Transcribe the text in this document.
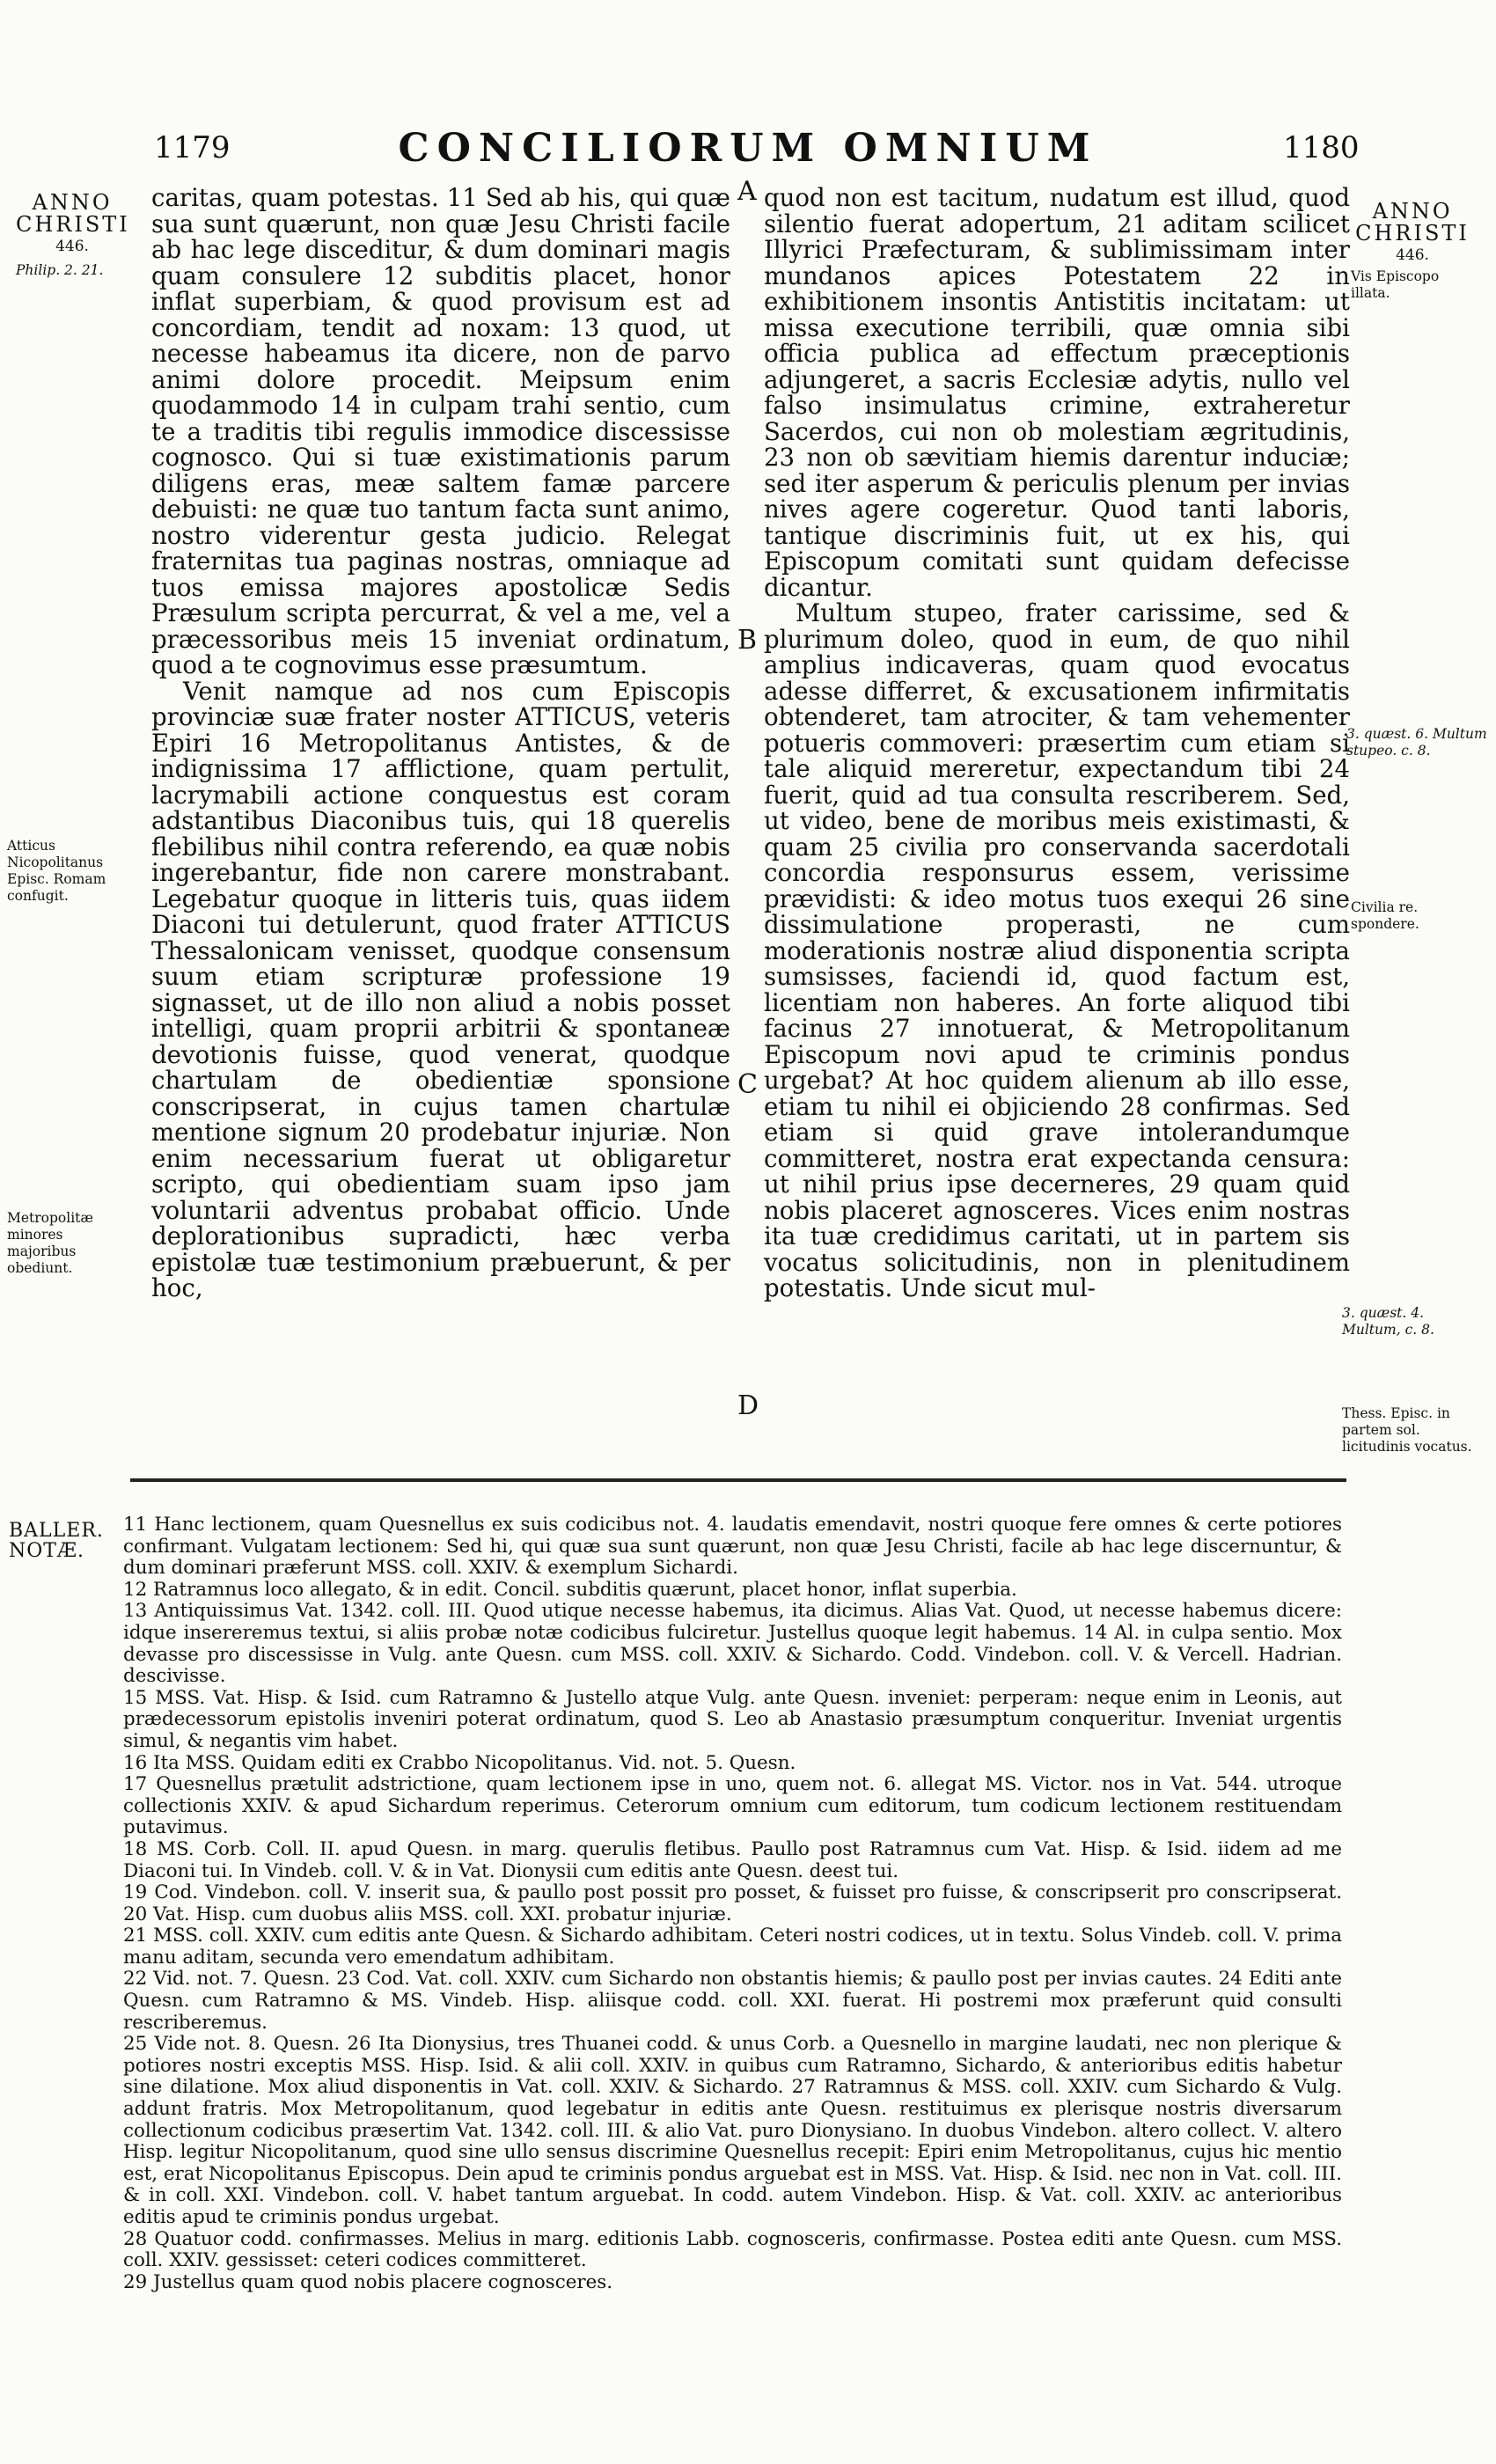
1179	CONCILIORUM OMNIUM	1180
ANNO
CHRISTI
446.
ANNO
CHRISTI
446.
Philip. 2. 21.
Atticus Nicopolitanus Episc. Romam confugit.
Metropolitæ minores majoribus obediunt.
Vis Episcopo illata.
3. quæst. 6. Multum stupeo. c. 8.
Civilia re. spondere.
3. quæst. 4. Multum, c. 8.
Thess. Episc. in partem sol. licitudinis vocatus.
A
B
C
D

caritas, quam potestas. 11 Sed ab his, qui quæ sua sunt quærunt, non quæ Jesu Christi facile ab hac lege disceditur, & dum dominari magis quam consulere 12 subditis placet, honor inflat superbiam, & quod provisum est ad concordiam, tendit ad noxam: 13 quod, ut necesse habeamus ita dicere, non de parvo animi dolore procedit. Meipsum enim quodammodo 14 in culpam trahi sentio, cum te a traditis tibi regulis immodice discessisse cognosco. Qui si tuæ existimationis parum diligens eras, meæ saltem famæ parcere debuisti: ne quæ tuo tantum facta sunt animo, nostro viderentur gesta judicio. Relegat fraternitas tua paginas nostras, omniaque ad tuos emissa majores apostolicæ Sedis Præsulum scripta percurrat, & vel a me, vel a præcessoribus meis 15 inveniat ordinatum, quod a te cognovimus esse præsumtum.

Venit namque ad nos cum Episcopis provinciæ suæ frater noster ATTICUS, veteris Epiri 16 Metropolitanus Antistes, & de indignissima 17 afflictione, quam pertulit, lacrymabili actione conquestus est coram adstantibus Diaconibus tuis, qui 18 querelis flebilibus nihil contra referendo, ea quæ nobis ingerebantur, fide non carere monstrabant. Legebatur quoque in litteris tuis, quas iidem Diaconi tui detulerunt, quod frater ATTICUS Thessalonicam venisset, quodque consensum suum etiam scripturæ professione 19 signasset, ut de illo non aliud a nobis posset intelligi, quam proprii arbitrii & spontaneæ devotionis fuisse, quod venerat, quodque chartulam de obedientiæ sponsione conscripserat, in cujus tamen chartulæ mentione signum 20 prodebatur injuriæ. Non enim necessarium fuerat ut obligaretur scripto, qui obedientiam suam ipso jam voluntarii adventus probabat officio. Unde deplorationibus supradicti, hæc verba epistolæ tuæ testimonium præbuerunt, & per hoc,

quod non est tacitum, nudatum est illud, quod silentio fuerat adopertum, 21 aditam scilicet Illyrici Præfecturam, & sublimissimam inter mundanos apices Potestatem 22 in exhibitionem insontis Antistitis incitatam: ut missa executione terribili, quæ omnia sibi officia publica ad effectum præceptionis adjungeret, a sacris Ecclesiæ adytis, nullo vel falso insimulatus crimine, extraheretur Sacerdos, cui non ob molestiam ægritudinis, 23 non ob sævitiam hiemis darentur induciæ; sed iter asperum & periculis plenum per invias nives agere cogeretur. Quod tanti laboris, tantique discriminis fuit, ut ex his, qui Episcopum comitati sunt quidam defecisse dicantur.

Multum stupeo, frater carissime, sed & plurimum doleo, quod in eum, de quo nihil amplius indicaveras, quam quod evocatus adesse differret, & excusationem infirmitatis obtenderet, tam atrociter, & tam vehementer potueris commoveri: præsertim cum etiam si tale aliquid mereretur, expectandum tibi 24 fuerit, quid ad tua consulta rescriberem. Sed, ut video, bene de moribus meis existimasti, & quam 25 civilia pro conservanda sacerdotali concordia responsurus essem, verissime prævidisti: & ideo motus tuos exequi 26 sine dissimulatione properasti, ne cum moderationis nostræ aliud disponentia scripta sumsisses, faciendi id, quod factum est, licentiam non haberes. An forte aliquod tibi facinus 27 innotuerat, & Metropolitanum Episcopum novi apud te criminis pondus urgebat? At hoc quidem alienum ab illo esse, etiam tu nihil ei objiciendo 28 confirmas. Sed etiam si quid grave intolerandumque committeret, nostra erat expectanda censura: ut nihil prius ipse decerneres, 29 quam quid nobis placeret agnosceres. Vices enim nostras ita tuæ credidimus caritati, ut in partem sis vocatus solicitudinis, non in plenitudinem potestatis. Unde sicut mul-

BALLER.
NOTÆ.

11 Hanc lectionem, quam Quesnellus ex suis codicibus not. 4. laudatis emendavit, nostri quoque fere omnes & certe potiores confirmant. Vulgatam lectionem: Sed hi, qui quæ sua sunt quærunt, non quæ Jesu Christi, facile ab hac lege discernuntur, & dum dominari præferunt MSS. coll. XXIV. & exemplum Sichardi.

12 Ratramnus loco allegato, & in edit. Concil. subditis quærunt, placet honor, inflat superbia.

13 Antiquissimus Vat. 1342. coll. III. Quod utique necesse habemus, ita dicimus. Alias Vat. Quod, ut necesse habemus dicere: idque insereremus textui, si aliis probæ notæ codicibus fulciretur. Justellus quoque legit habemus. 14 Al. in culpa sentio. Mox devasse pro discessisse in Vulg. ante Quesn. cum MSS. coll. XXIV. & Sichardo. Codd. Vindebon. coll. V. & Vercell. Hadrian. descivisse.

15 MSS. Vat. Hisp. & Isid. cum Ratramno & Justello atque Vulg. ante Quesn. inveniet: perperam: neque enim in Leonis, aut prædecessorum epistolis inveniri poterat ordinatum, quod S. Leo ab Anastasio præsumptum conqueritur. Inveniat urgentis simul, & negantis vim habet.

16 Ita MSS. Quidam editi ex Crabbo Nicopolitanus. Vid. not. 5. Quesn.

17 Quesnellus prætulit adstrictione, quam lectionem ipse in uno, quem not. 6. allegat MS. Victor. nos in Vat. 544. utroque collectionis XXIV. & apud Sichardum reperimus. Ceterorum omnium cum editorum, tum codicum lectionem restituendam putavimus.

18 MS. Corb. Coll. II. apud Quesn. in marg. querulis fletibus. Paullo post Ratramnus cum Vat. Hisp. & Isid. iidem ad me Diaconi tui. In Vindeb. coll. V. & in Vat. Dionysii cum editis ante Quesn. deest tui.

19 Cod. Vindebon. coll. V. inserit sua, & paullo post possit pro posset, & fuisset pro fuisse, & conscripserit pro conscripserat. 20 Vat. Hisp. cum duobus aliis MSS. coll. XXI. probatur injuriæ.

21 MSS. coll. XXIV. cum editis ante Quesn. & Sichardo adhibitam. Ceteri nostri codices, ut in textu. Solus Vindeb. coll. V. prima manu aditam, secunda vero emendatum adhibitam.

22 Vid. not. 7. Quesn. 23 Cod. Vat. coll. XXIV. cum Sichardo non obstantis hiemis; & paullo post per invias cautes. 24 Editi ante Quesn. cum Ratramno & MS. Vindeb. Hisp. aliisque codd. coll. XXI. fuerat. Hi postremi mox præferunt quid consulti rescriberemus.

25 Vide not. 8. Quesn. 26 Ita Dionysius, tres Thuanei codd. & unus Corb. a Quesnello in margine laudati, nec non plerique & potiores nostri exceptis MSS. Hisp. Isid. & alii coll. XXIV. in quibus cum Ratramno, Sichardo, & anterioribus editis habetur sine dilatione. Mox aliud disponentis in Vat. coll. XXIV. & Sichardo. 27 Ratramnus & MSS. coll. XXIV. cum Sichardo & Vulg. addunt fratris. Mox Metropolitanum, quod legebatur in editis ante Quesn. restituimus ex plerisque nostris diversarum collectionum codicibus præsertim Vat. 1342. coll. III. & alio Vat. puro Dionysiano. In duobus Vindebon. altero collect. V. altero Hisp. legitur Nicopolitanum, quod sine ullo sensus discrimine Quesnellus recepit: Epiri enim Metropolitanus, cujus hic mentio est, erat Nicopolitanus Episcopus. Dein apud te criminis pondus arguebat est in MSS. Vat. Hisp. & Isid. nec non in Vat. coll. III. & in coll. XXI. Vindebon. coll. V. habet tantum arguebat. In codd. autem Vindebon. Hisp. & Vat. coll. XXIV. ac anterioribus editis apud te criminis pondus urgebat.

28 Quatuor codd. confirmasses. Melius in marg. editionis Labb. cognosceris, confirmasse. Postea editi ante Quesn. cum MSS. coll. XXIV. gessisset: ceteri codices committeret.

29 Justellus quam quod nobis placere cognosceres.
